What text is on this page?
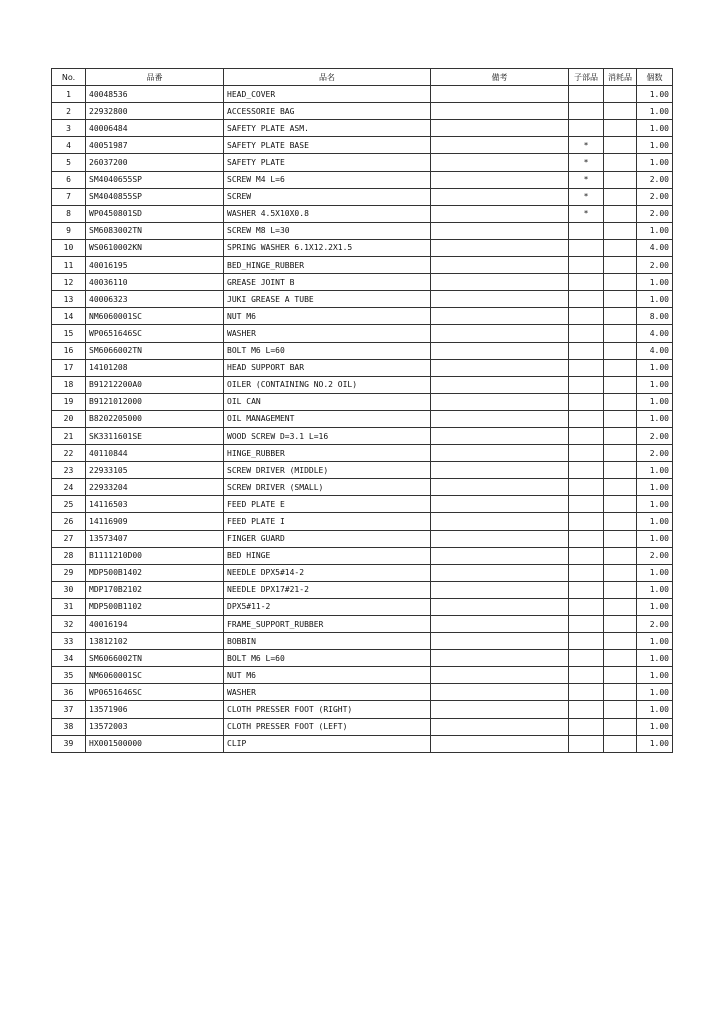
No.	品番	品名	備考	子部品	消耗品	個数
1	40048536	HEAD_COVER				1.00
2	22932800	ACCESSORIE BAG				1.00
3	40006484	SAFETY PLATE ASM.				1.00
4	40051987	SAFETY PLATE BASE		*		1.00
5	26037200	SAFETY PLATE		*		1.00
6	SM4040655SP	SCREW M4 L=6		*		2.00
7	SM4040855SP	SCREW		*		2.00
8	WP0450801SD	WASHER 4.5X10X0.8		*		2.00
9	SM6083002TN	SCREW M8 L=30				1.00
10	WS0610002KN	SPRING WASHER 6.1X12.2X1.5				4.00
11	40016195	BED_HINGE_RUBBER				2.00
12	40036110	GREASE JOINT B				1.00
13	40006323	JUKI GREASE A TUBE				1.00
14	NM6060001SC	NUT M6				8.00
15	WP0651646SC	WASHER				4.00
16	SM6066002TN	BOLT M6 L=60				4.00
17	14101208	HEAD SUPPORT BAR				1.00
18	B91212200A0	OILER (CONTAINING NO.2 OIL)				1.00
19	B9121012000	OIL CAN				1.00
20	B8202205000	OIL MANAGEMENT				1.00
21	SK3311601SE	WOOD SCREW D=3.1 L=16				2.00
22	40110844	HINGE_RUBBER				2.00
23	22933105	SCREW DRIVER (MIDDLE)				1.00
24	22933204	SCREW DRIVER (SMALL)				1.00
25	14116503	FEED PLATE E				1.00
26	14116909	FEED PLATE I				1.00
27	13573407	FINGER GUARD				1.00
28	B1111210D00	BED HINGE				2.00
29	MDP500B1402	NEEDLE DPX5#14-2				1.00
30	MDP170B2102	NEEDLE DPX17#21-2				1.00
31	MDP500B1102	DPX5#11-2				1.00
32	40016194	FRAME_SUPPORT_RUBBER				2.00
33	13812102	BOBBIN				1.00
34	SM6066002TN	BOLT M6 L=60				1.00
35	NM6060001SC	NUT M6				1.00
36	WP0651646SC	WASHER				1.00
37	13571906	CLOTH PRESSER FOOT (RIGHT)				1.00
38	13572003	CLOTH PRESSER FOOT (LEFT)				1.00
39	HX001500000	CLIP				1.00
